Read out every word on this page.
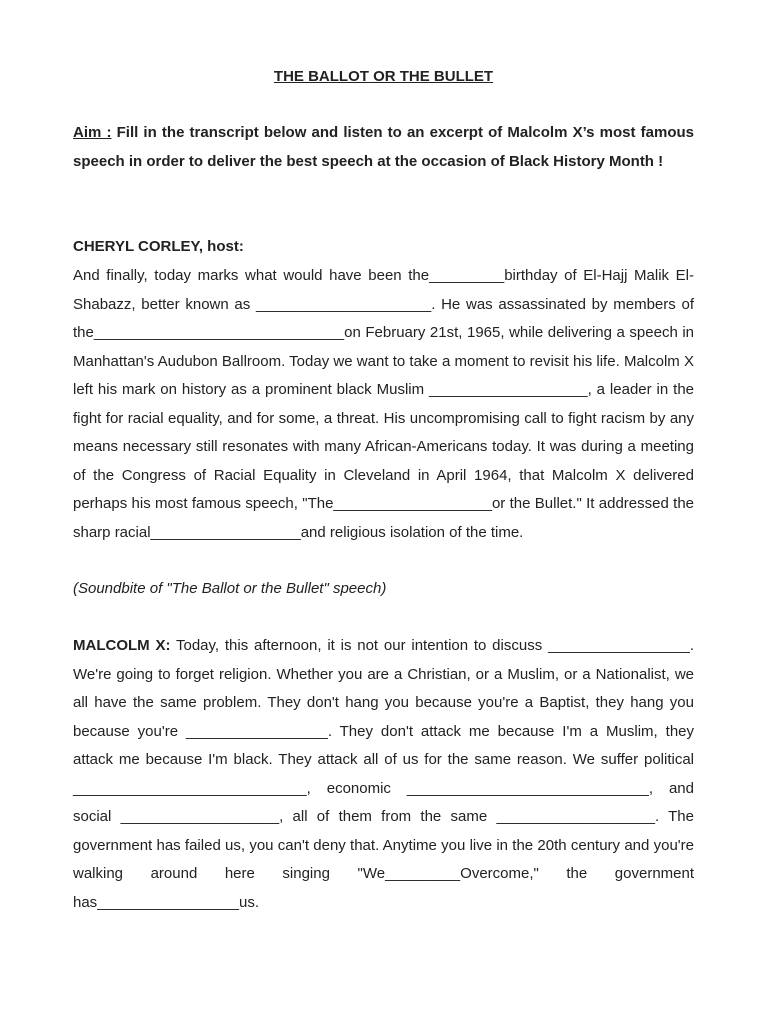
THE BALLOT OR THE BULLET

Aim : Fill in the transcript below and listen to an excerpt of Malcolm X’s most famous speech in order to deliver the best speech at the occasion of Black History Month !

CHERYL CORLEY, host:

And finally, today marks what would have been the_________birthday of El-Hajj Malik El-Shabazz, better known as _____________________. He was assassinated by members of the______________________________on February 21st, 1965, while delivering a speech in Manhattan's Audubon Ballroom. Today we want to take a moment to revisit his life. Malcolm X left his mark on history as a prominent black Muslim ___________________, a leader in the fight for racial equality, and for some, a threat. His uncompromising call to fight racism by any means necessary still resonates with many African-Americans today. It was during a meeting of the Congress of Racial Equality in Cleveland in April 1964, that Malcolm X delivered perhaps his most famous speech, "The___________________or the Bullet." It addressed the sharp racial__________________and religious isolation of the time.

(Soundbite of "The Ballot or the Bullet" speech)

MALCOLM X: Today, this afternoon, it is not our intention to discuss _________________. We're going to forget religion. Whether you are a Christian, or a Muslim, or a Nationalist, we all have the same problem. They don't hang you because you're a Baptist, they hang you because you're _________________. They don't attack me because I'm a Muslim, they attack me because I'm black. They attack all of us for the same reason. We suffer political ____________________________, economic _____________________________, and social ___________________, all of them from the same ___________________. The government has failed us, you can't deny that. Anytime you live in the 20th century and you're walking around here singing "We_________Overcome," the government has_________________us.
